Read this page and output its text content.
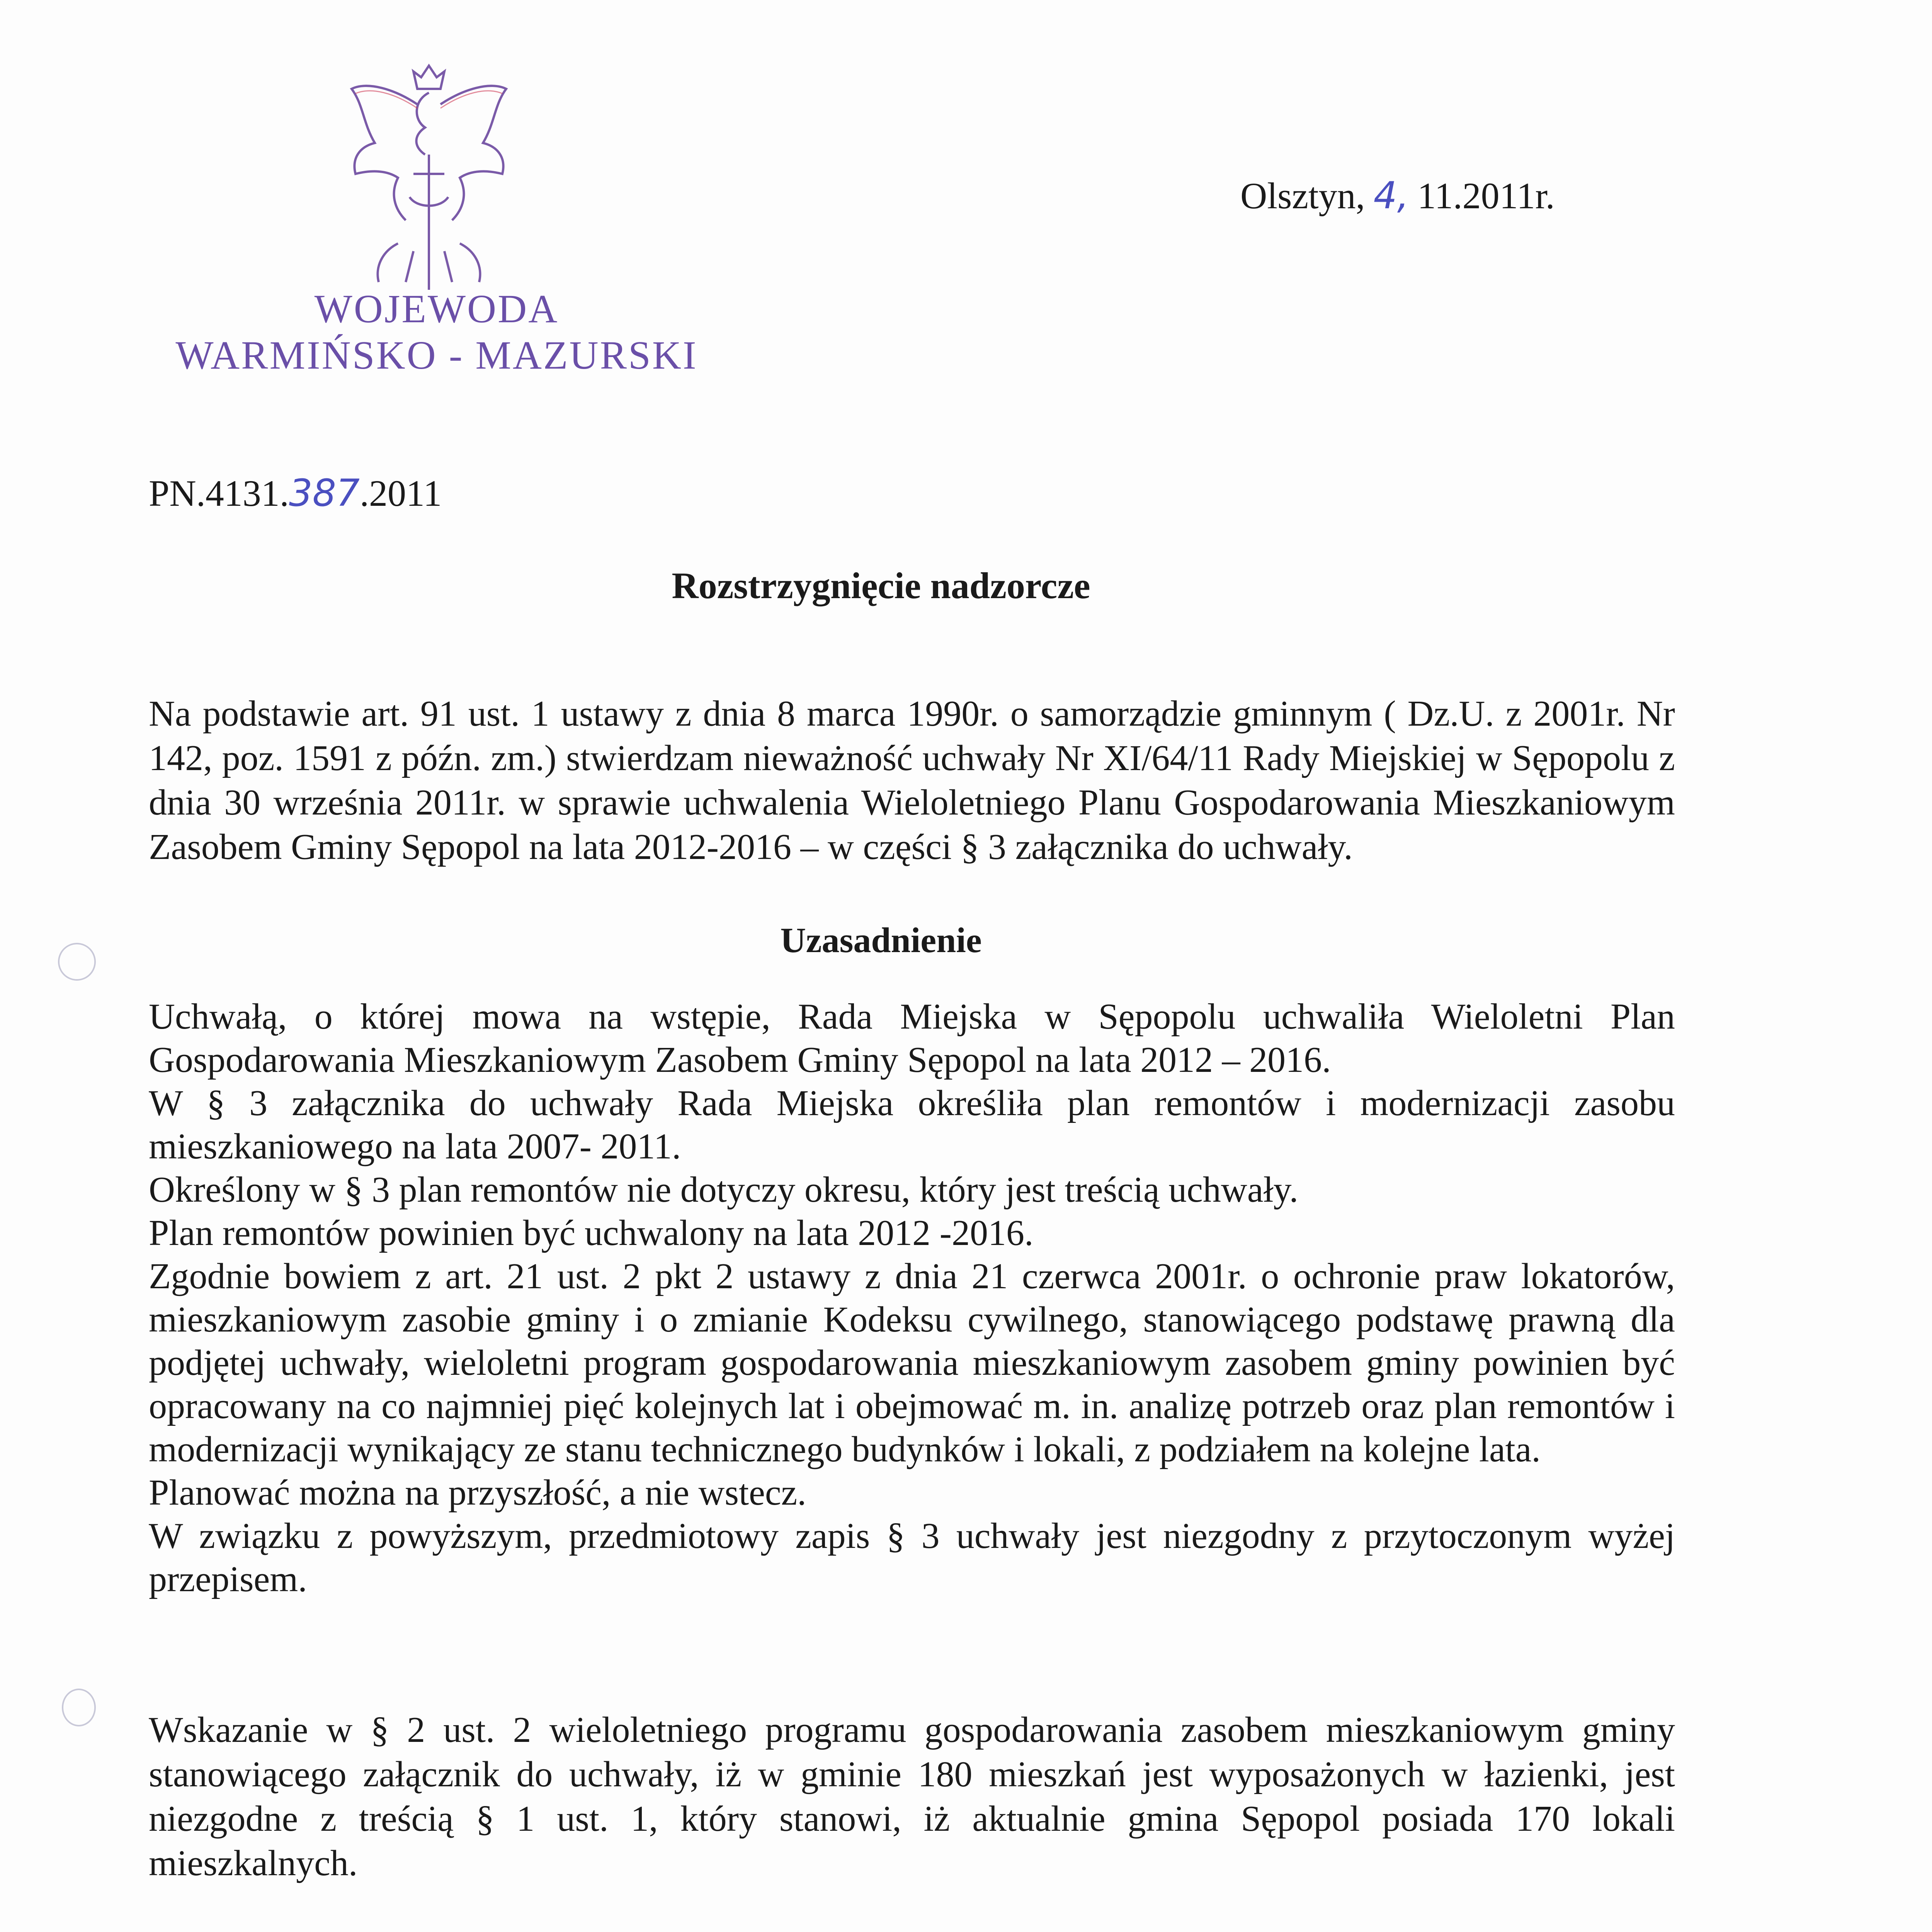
WOJEWODA
WARMIŃSKO - MAZURSKI
Olsztyn, 4, 11.2011r.
PN.4131.387.2011
Rozstrzygnięcie nadzorcze

Na podstawie art. 91 ust. 1 ustawy z dnia 8 marca 1990r. o samorządzie gminnym ( Dz.U. z 2001r. Nr 142, poz. 1591 z późn. zm.) stwierdzam nieważność uchwały Nr XI/64/11 Rady Miejskiej w Sępopolu z dnia 30 września 2011r. w sprawie uchwalenia Wieloletniego Planu Gospodarowania Mieszkaniowym Zasobem Gminy Sępopol na lata 2012-2016 – w części § 3 załącznika do uchwały.

Uzasadnienie

Uchwałą, o której mowa na wstępie, Rada Miejska w Sępopolu uchwaliła Wieloletni Plan Gospodarowania Mieszkaniowym Zasobem Gminy Sępopol na lata 2012 – 2016.

W § 3 załącznika do uchwały Rada Miejska określiła plan remontów i modernizacji zasobu mieszkaniowego na lata 2007- 2011.

Określony w § 3 plan remontów nie dotyczy okresu, który jest treścią uchwały.

Plan remontów powinien być uchwalony na lata 2012 -2016.

Zgodnie bowiem z art. 21 ust. 2 pkt 2 ustawy z dnia 21 czerwca 2001r. o ochronie praw lokatorów, mieszkaniowym zasobie gminy i o zmianie Kodeksu cywilnego, stanowiącego podstawę prawną dla podjętej uchwały, wieloletni program gospodarowania mieszkaniowym zasobem gminy powinien być opracowany na co najmniej pięć kolejnych lat i obejmować m. in. analizę potrzeb oraz plan remontów i modernizacji wynikający ze stanu technicznego budynków i lokali, z podziałem na kolejne lata.

Planować można na przyszłość, a nie wstecz.

W związku z powyższym, przedmiotowy zapis § 3 uchwały jest niezgodny z przytoczonym wyżej przepisem.

Wskazanie w § 2 ust. 2 wieloletniego programu gospodarowania zasobem mieszkaniowym gminy stanowiącego załącznik do uchwały, iż w gminie 180 mieszkań jest wyposażonych w łazienki, jest niezgodne z treścią § 1 ust. 1, który stanowi, iż aktualnie gmina Sępopol posiada 170 lokali mieszkalnych.
